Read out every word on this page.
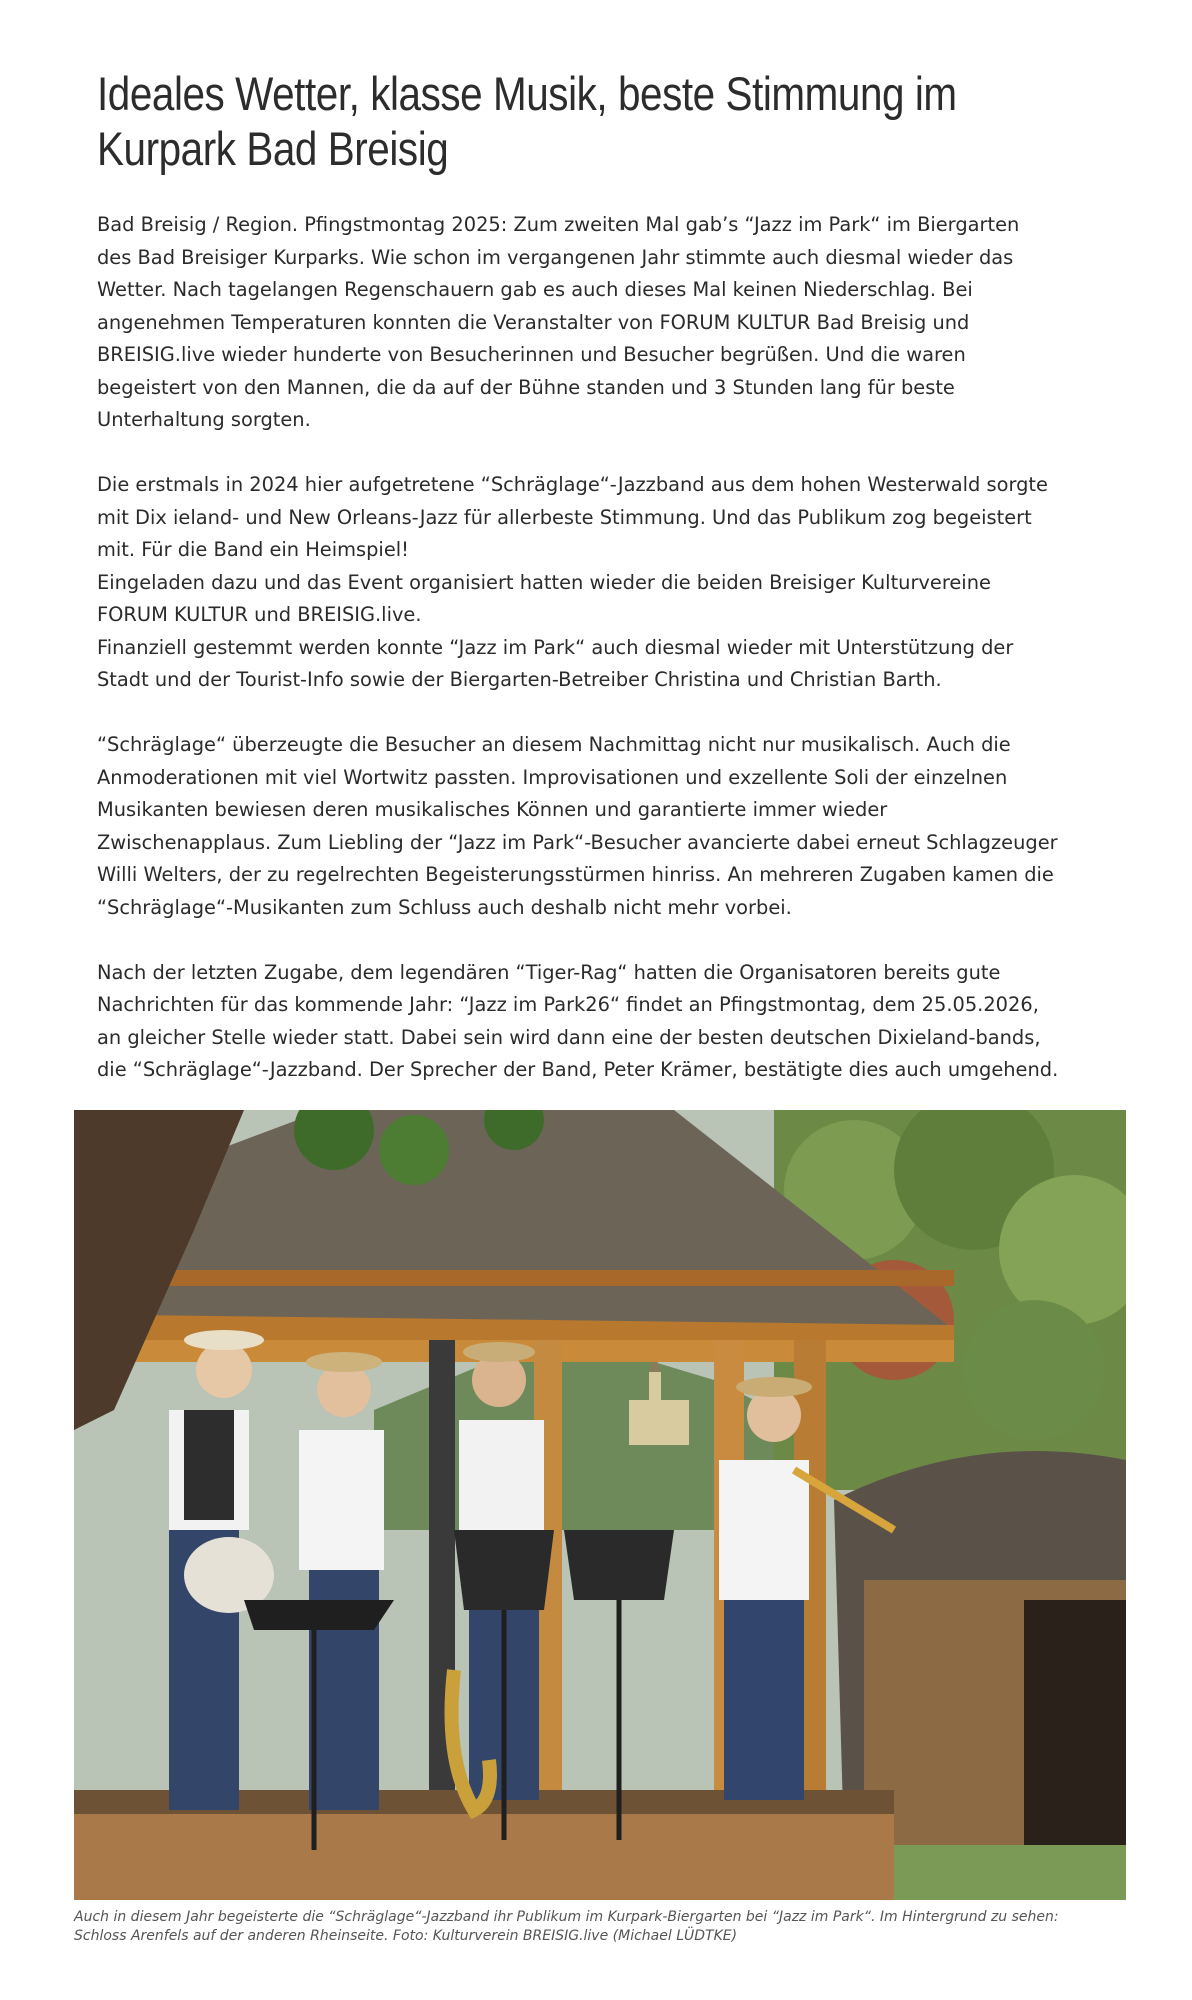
Ideales Wetter, klasse Musik, beste Stimmung im
Kurpark Bad Breisig

Bad Breisig / Region. Pfingstmontag 2025: Zum zweiten Mal gab’s “Jazz im Park“ im Biergarten
des Bad Breisiger Kurparks. Wie schon im vergangenen Jahr stimmte auch diesmal wieder das
Wetter. Nach tagelangen Regenschauern gab es auch dieses Mal keinen Niederschlag. Bei
angenehmen Temperaturen konnten die Veranstalter von FORUM KULTUR Bad Breisig und
BREISIG.live wieder hunderte von Besucherinnen und Besucher begrüßen. Und die waren
begeistert von den Mannen, die da auf der Bühne standen und 3 Stunden lang für beste
Unterhaltung sorgten.

Die erstmals in 2024 hier aufgetretene “Schräglage“-Jazzband aus dem hohen Westerwald sorgte
mit Dix ieland- und New Orleans-Jazz für allerbeste Stimmung. Und das Publikum zog begeistert
mit. Für die Band ein Heimspiel!
Eingeladen dazu und das Event organisiert hatten wieder die beiden Breisiger Kulturvereine
FORUM KULTUR und BREISIG.live.
Finanziell gestemmt werden konnte “Jazz im Park“ auch diesmal wieder mit Unterstützung der
Stadt und der Tourist-Info sowie der Biergarten-Betreiber Christina und Christian Barth.

“Schräglage“ überzeugte die Besucher an diesem Nachmittag nicht nur musikalisch. Auch die
Anmoderationen mit viel Wortwitz passten. Improvisationen und exzellente Soli der einzelnen
Musikanten bewiesen deren musikalisches Können und garantierte immer wieder
Zwischenapplaus. Zum Liebling der “Jazz im Park“-Besucher avancierte dabei erneut Schlagzeuger
Willi Welters, der zu regelrechten Begeisterungsstürmen hinriss. An mehreren Zugaben kamen die
“Schräglage“-Musikanten zum Schluss auch deshalb nicht mehr vorbei.

Nach der letzten Zugabe, dem legendären “Tiger-Rag“ hatten die Organisatoren bereits gute
Nachrichten für das kommende Jahr: “Jazz im Park26“ findet an Pfingstmontag, dem 25.05.2026,
an gleicher Stelle wieder statt. Dabei sein wird dann eine der besten deutschen Dixieland-bands,
die “Schräglage“-Jazzband. Der Sprecher der Band, Peter Krämer, bestätigte dies auch umgehend.

Auch in diesem Jahr begeisterte die “Schräglage“-Jazzband ihr Publikum im Kurpark-Biergarten bei “Jazz im Park“. Im Hintergrund zu sehen:
Schloss Arenfels auf der anderen Rheinseite. Foto: Kulturverein BREISIG.live (Michael LÜDTKE)
